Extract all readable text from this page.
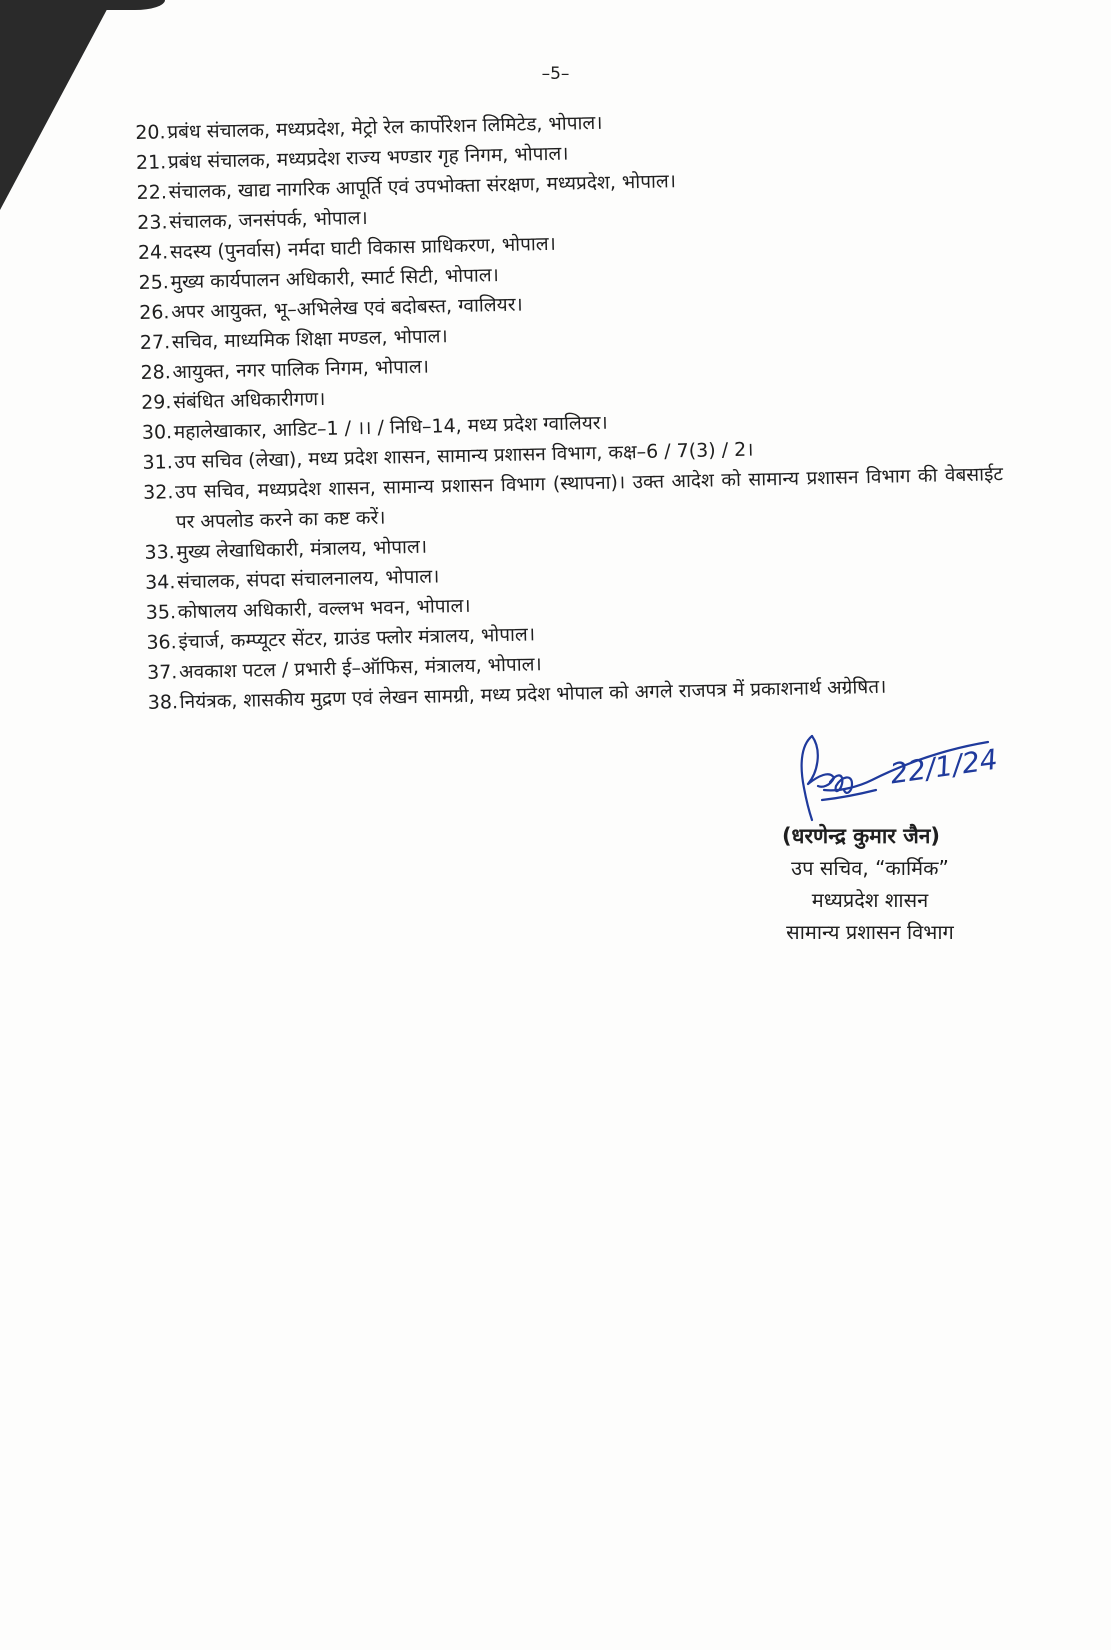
–5–
20. प्रबंध संचालक, मध्यप्रदेश, मेट्रो रेल कार्पोरेशन लिमिटेड, भोपाल।
21. प्रबंध संचालक, मध्यप्रदेश राज्य भण्डार गृह निगम, भोपाल।
22. संचालक, खाद्य नागरिक आपूर्ति एवं उपभोक्ता संरक्षण, मध्यप्रदेश, भोपाल।
23. संचालक, जनसंपर्क, भोपाल।
24. सदस्य (पुनर्वास) नर्मदा घाटी विकास प्राधिकरण, भोपाल।
25. मुख्य कार्यपालन अधिकारी, स्मार्ट सिटी, भोपाल।
26. अपर आयुक्त, भू–अभिलेख एवं बदोबस्त, ग्वालियर।
27. सचिव, माध्यमिक शिक्षा मण्डल, भोपाल।
28. आयुक्त, नगर पालिक निगम, भोपाल।
29. संबंधित अधिकारीगण।
30. महालेखाकार, आडिट–1 / ।। / निधि–14, मध्य प्रदेश ग्वालियर।
31. उप सचिव (लेखा), मध्य प्रदेश शासन, सामान्य प्रशासन विभाग, कक्ष–6 / 7(3) / 2।
32. उप सचिव, मध्यप्रदेश शासन, सामान्य प्रशासन विभाग (स्थापना)। उक्त आदेश को सामान्य प्रशासन विभाग की वेबसाईट पर अपलोड करने का कष्ट करें।
33. मुख्य लेखाधिकारी, मंत्रालय, भोपाल।
34. संचालक, संपदा संचालनालय, भोपाल।
35. कोषालय अधिकारी, वल्लभ भवन, भोपाल।
36. इंचार्ज, कम्प्यूटर सेंटर, ग्राउंड फ्लोर मंत्रालय, भोपाल।
37. अवकाश पटल / प्रभारी ई–ऑफिस, मंत्रालय, भोपाल।
38. नियंत्रक, शासकीय मुद्रण एवं लेखन सामग्री, मध्य प्रदेश भोपाल को अगले राजपत्र में प्रकाशनार्थ अग्रेषित।
22/1/24
(धरणेन्द्र कुमार जैन)
उप सचिव, “कार्मिक”
मध्यप्रदेश शासन
सामान्य प्रशासन विभाग
